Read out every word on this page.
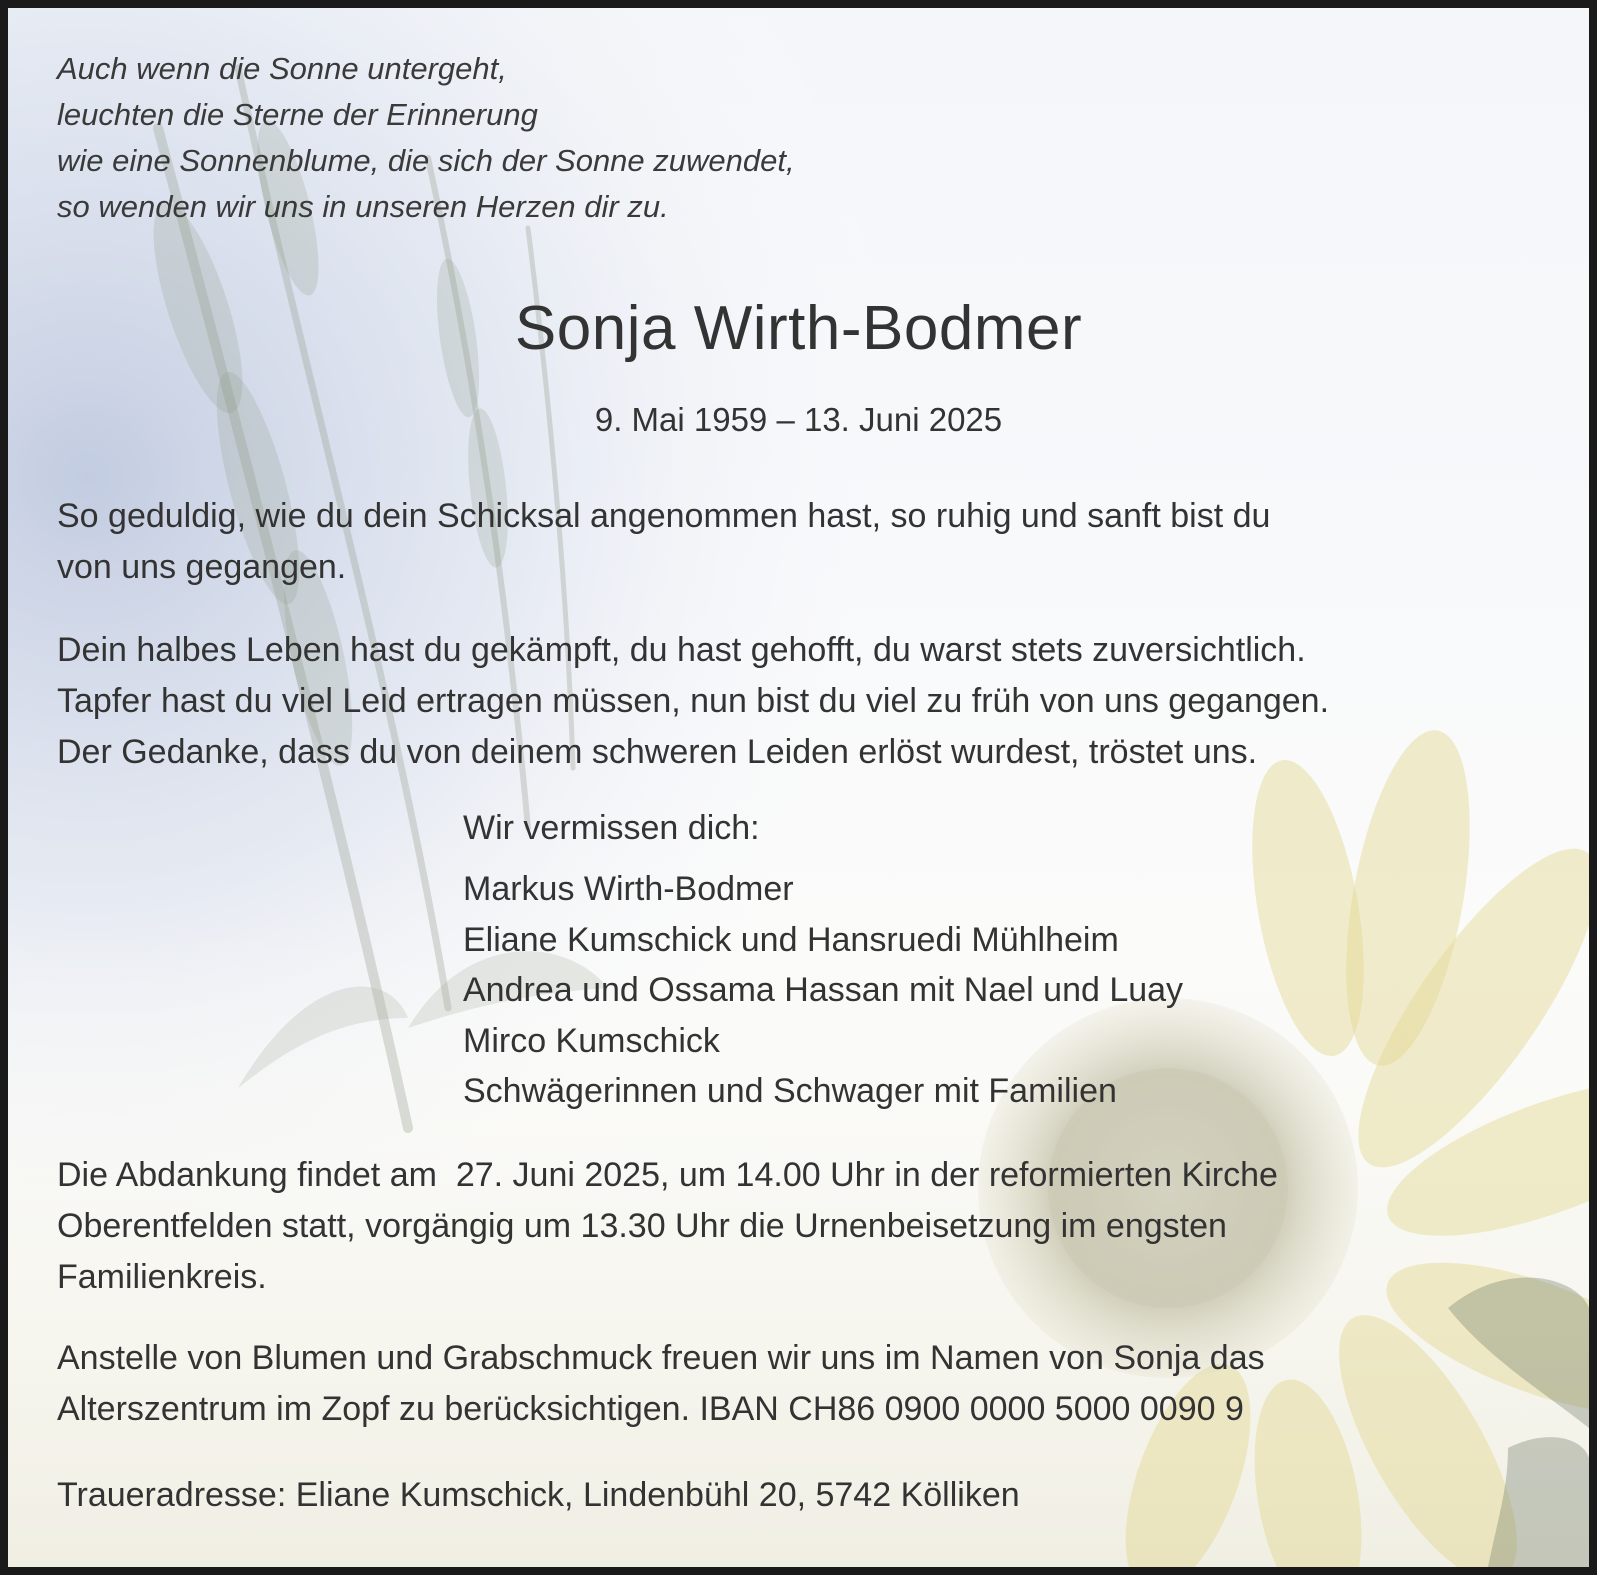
Auch wenn die Sonne untergeht,
leuchten die Sterne der Erinnerung
wie eine Sonnenblume, die sich der Sonne zuwendet,
so wenden wir uns in unseren Herzen dir zu.
Sonja Wirth-Bodmer
9. Mai 1959 – 13. Juni 2025
So geduldig, wie du dein Schicksal angenommen hast, so ruhig und sanft bist du
von uns gegangen.
Dein halbes Leben hast du gekämpft, du hast gehofft, du warst stets zuversichtlich.
Tapfer hast du viel Leid ertragen müssen, nun bist du viel zu früh von uns gegangen.
Der Gedanke, dass du von deinem schweren Leiden erlöst wurdest, tröstet uns.
Wir vermissen dich:
Markus Wirth-Bodmer
Eliane Kumschick und Hansruedi Mühlheim
Andrea und Ossama Hassan mit Nael und Luay
Mirco Kumschick
Schwägerinnen und Schwager mit Familien
Die Abdankung findet am  27. Juni 2025, um 14.00 Uhr in der reformierten Kirche
Oberentfelden statt, vorgängig um 13.30 Uhr die Urnenbeisetzung im engsten
Familienkreis.
Anstelle von Blumen und Grabschmuck freuen wir uns im Namen von Sonja das
Alterszentrum im Zopf zu berücksichtigen. IBAN CH86 0900 0000 5000 0090 9
Traueradresse: Eliane Kumschick, Lindenbühl 20, 5742 Kölliken
